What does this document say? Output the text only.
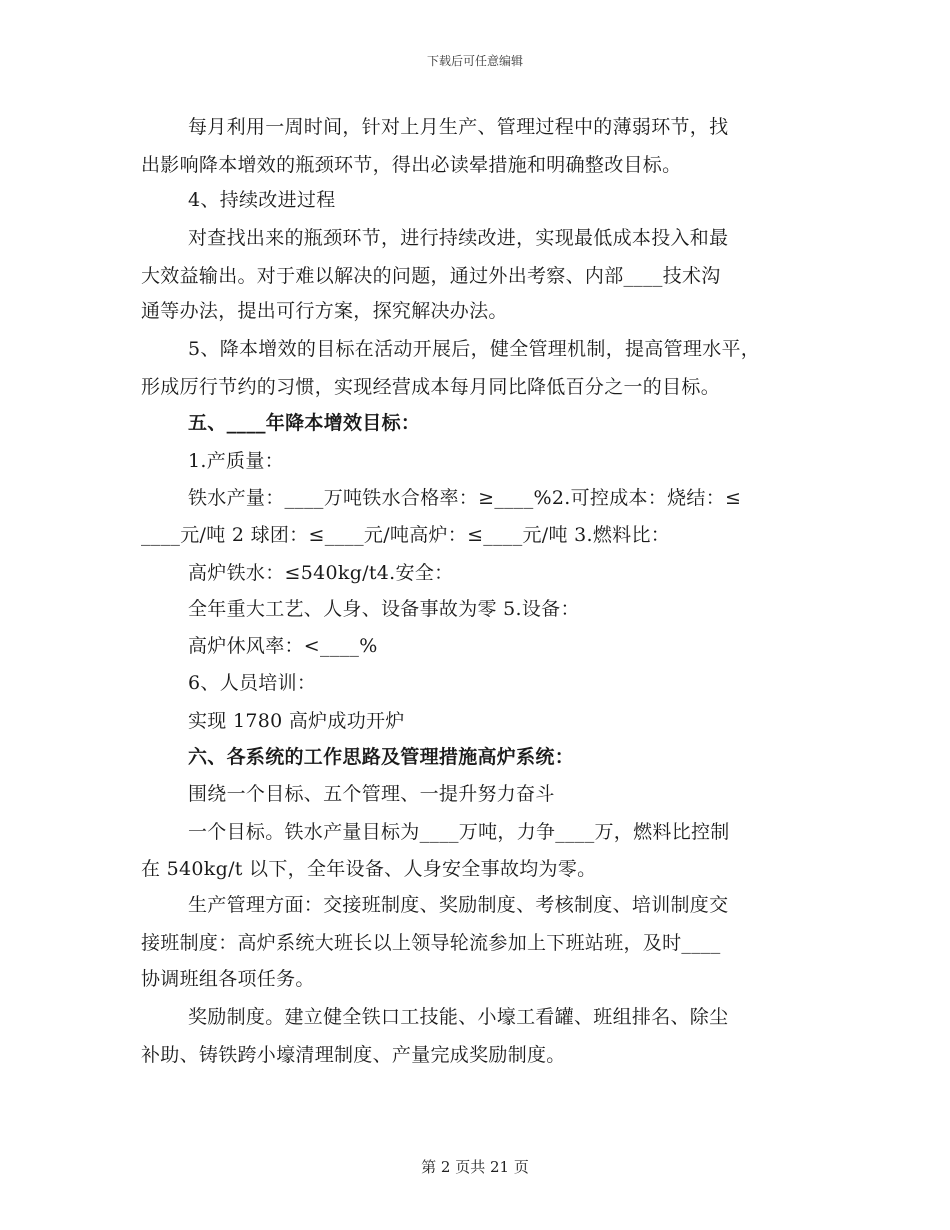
下载后可任意编辑
每月利用一周时间，针对上月生产、管理过程中的薄弱环节，找
出影响降本增效的瓶颈环节，得出必读晕措施和明确整改目标。
4、持续改进过程
对查找出来的瓶颈环节，进行持续改进，实现最低成本投入和最
大效益输出。对于难以解决的问题，通过外出考察、内部____技术沟
通等办法，提出可行方案，探究解决办法。
5、降本增效的目标在活动开展后，健全管理机制，提高管理水平，
形成厉行节约的习惯，实现经营成本每月同比降低百分之一的目标。
五、____年降本增效目标：
1.产质量：
铁水产量：____万吨铁水合格率：≥____%2.可控成本：烧结：≤
____元/吨 2 球团：≤____元/吨高炉：≤____元/吨 3.燃料比：
高炉铁水：≤540kg/t4.安全：
全年重大工艺、人身、设备事故为零 5.设备：
高炉休风率：<____%
6、人员培训：
实现 1780 高炉成功开炉
六、各系统的工作思路及管理措施高炉系统：
围绕一个目标、五个管理、一提升努力奋斗
一个目标。铁水产量目标为____万吨，力争____万，燃料比控制
在 540kg/t 以下，全年设备、人身安全事故均为零。
生产管理方面：交接班制度、奖励制度、考核制度、培训制度交
接班制度：高炉系统大班长以上领导轮流参加上下班站班，及时____
协调班组各项任务。
奖励制度。建立健全铁口工技能、小壕工看罐、班组排名、除尘
补助、铸铁跨小壕清理制度、产量完成奖励制度。
第 2 页共 21 页
